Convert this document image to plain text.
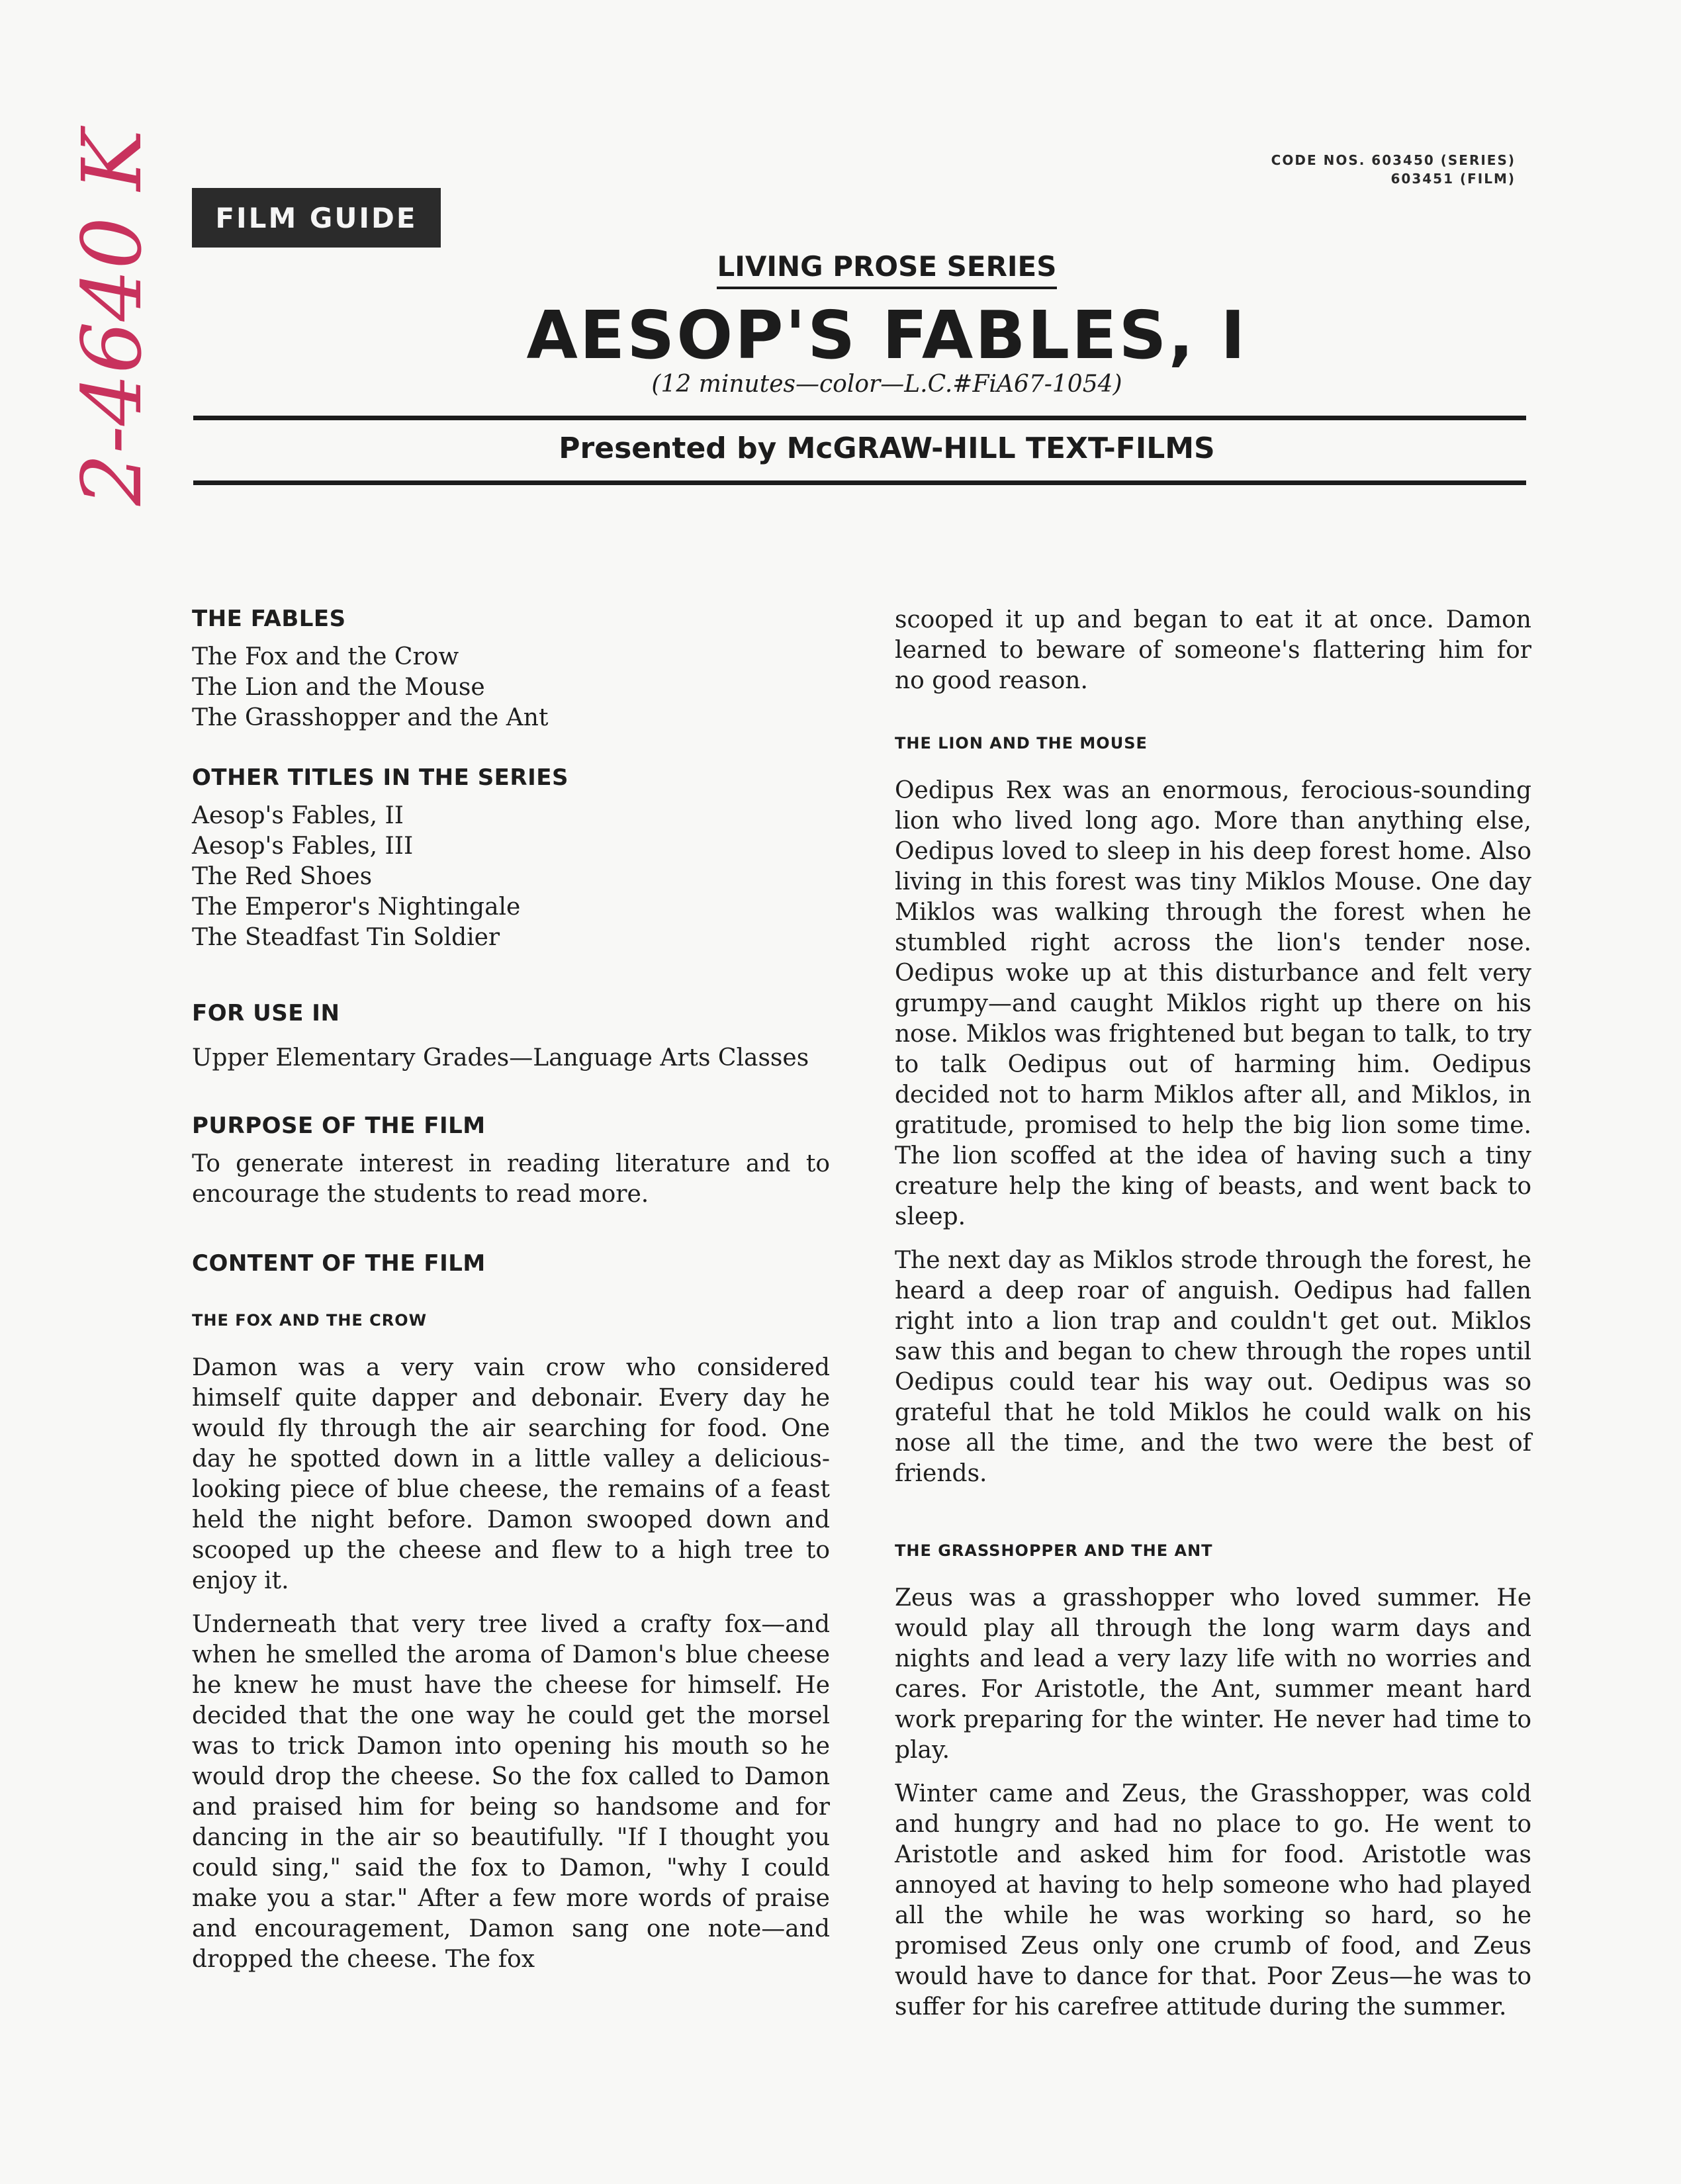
2-4640 K	CODE NOS. 603450 (SERIES)
603451 (FILM)
FILM GUIDE
LIVING PROSE SERIES
AESOP'S FABLES, I
(12 minutes—color—L.C.#FiA67-1054)
Presented by McGRAW-HILL TEXT-FILMS
THE FABLES
The Fox and the Crow
The Lion and the Mouse
The Grasshopper and the Ant
OTHER TITLES IN THE SERIES
Aesop's Fables, II
Aesop's Fables, III
The Red Shoes
The Emperor's Nightingale
The Steadfast Tin Soldier
FOR USE IN

Upper Elementary Grades—Language Arts Classes

PURPOSE OF THE FILM

To generate interest in reading literature and to encourage the students to read more.

CONTENT OF THE FILM
THE FOX AND THE CROW

Damon was a very vain crow who considered himself quite dapper and debonair. Every day he would fly through the air searching for food. One day he spotted down in a little valley a delicious-looking piece of blue cheese, the remains of a feast held the night before. Damon swooped down and scooped up the cheese and flew to a high tree to enjoy it.

Underneath that very tree lived a crafty fox—and when he smelled the aroma of Damon's blue cheese he knew he must have the cheese for himself. He decided that the one way he could get the morsel was to trick Damon into opening his mouth so he would drop the cheese. So the fox called to Damon and praised him for being so handsome and for dancing in the air so beautifully. "If I thought you could sing," said the fox to Damon, "why I could make you a star." After a few more words of praise and encouragement, Damon sang one note—and dropped the cheese. The fox

scooped it up and began to eat it at once. Damon learned to beware of someone's flattering him for no good reason.

THE LION AND THE MOUSE

Oedipus Rex was an enormous, ferocious-sounding lion who lived long ago. More than anything else, Oedipus loved to sleep in his deep forest home. Also living in this forest was tiny Miklos Mouse. One day Miklos was walking through the forest when he stumbled right across the lion's tender nose. Oedipus woke up at this disturbance and felt very grumpy—and caught Miklos right up there on his nose. Miklos was frightened but began to talk, to try to talk Oedipus out of harming him. Oedipus decided not to harm Miklos after all, and Miklos, in gratitude, promised to help the big lion some time. The lion scoffed at the idea of having such a tiny creature help the king of beasts, and went back to sleep.

The next day as Miklos strode through the forest, he heard a deep roar of anguish. Oedipus had fallen right into a lion trap and couldn't get out. Miklos saw this and began to chew through the ropes until Oedipus could tear his way out. Oedipus was so grateful that he told Miklos he could walk on his nose all the time, and the two were the best of friends.

THE GRASSHOPPER AND THE ANT

Zeus was a grasshopper who loved summer. He would play all through the long warm days and nights and lead a very lazy life with no worries and cares. For Aristotle, the Ant, summer meant hard work preparing for the winter. He never had time to play.

Winter came and Zeus, the Grasshopper, was cold and hungry and had no place to go. He went to Aristotle and asked him for food. Aristotle was annoyed at having to help someone who had played all the while he was working so hard, so he promised Zeus only one crumb of food, and Zeus would have to dance for that. Poor Zeus—he was to suffer for his carefree attitude during the summer.
